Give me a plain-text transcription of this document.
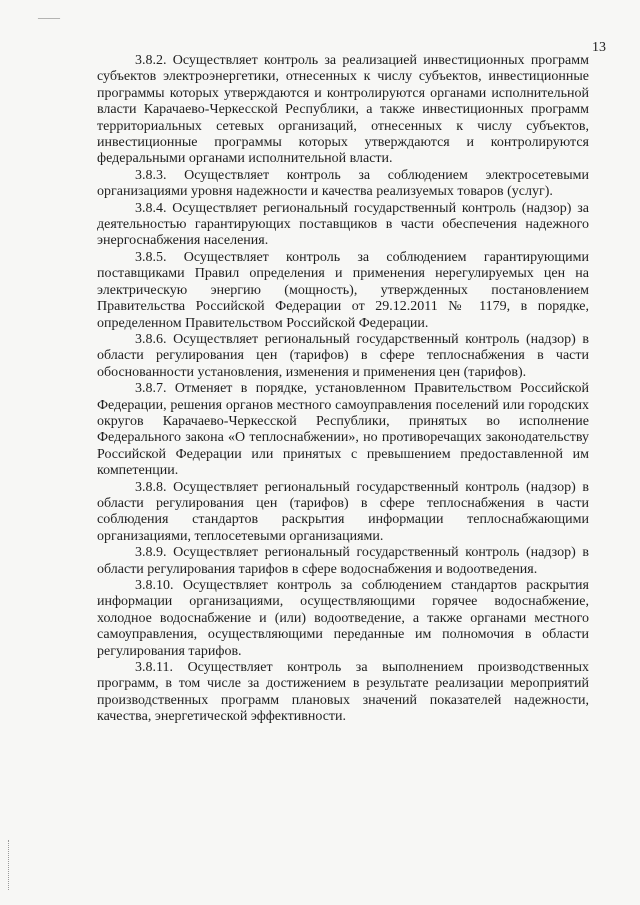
——
13

3.8.2. Осуществляет контроль за реализацией инвестиционных программ субъектов электроэнергетики, отнесенных к числу субъектов, инвестиционные программы которых утверждаются и контролируются органами исполнительной власти Карачаево-Черкесской Республики, а также инвестиционных программ территориальных сетевых организаций, отнесенных к числу субъектов, инвестиционные программы которых утверждаются и контролируются федеральными органами исполнительной власти.

3.8.3. Осуществляет контроль за соблюдением электросетевыми организациями уровня надежности и качества реализуемых товаров (услуг).

3.8.4. Осуществляет региональный государственный контроль (надзор) за деятельностью гарантирующих поставщиков в части обеспечения надежного энергоснабжения населения.

3.8.5. Осуществляет контроль за соблюдением гарантирующими поставщиками Правил определения и применения нерегулируемых цен на электрическую энергию (мощность), утвержденных постановлением Правительства Российской Федерации от 29.12.2011 № 1179, в порядке, определенном Правительством Российской Федерации.

3.8.6. Осуществляет региональный государственный контроль (надзор) в области регулирования цен (тарифов) в сфере теплоснабжения в части обоснованности установления, изменения и применения цен (тарифов).

3.8.7. Отменяет в порядке, установленном Правительством Российской Федерации, решения органов местного самоуправления поселений или городских округов Карачаево-Черкесской Республики, принятых во исполнение Федерального закона «О теплоснабжении», но противоречащих законодательству Российской Федерации или принятых с превышением предоставленной им компетенции.

3.8.8. Осуществляет региональный государственный контроль (надзор) в области регулирования цен (тарифов) в сфере теплоснабжения в части соблюдения стандартов раскрытия информации теплоснабжающими организациями, теплосетевыми организациями.

3.8.9. Осуществляет региональный государственный контроль (надзор) в области регулирования тарифов в сфере водоснабжения и водоотведения.

3.8.10. Осуществляет контроль за соблюдением стандартов раскрытия информации организациями, осуществляющими горячее водоснабжение, холодное водоснабжение и (или) водоотведение, а также органами местного самоуправления, осуществляющими переданные им полномочия в области регулирования тарифов.

3.8.11. Осуществляет контроль за выполнением производственных программ, в том числе за достижением в результате реализации мероприятий производственных программ плановых значений показателей надежности, качества, энергетической эффективности.
